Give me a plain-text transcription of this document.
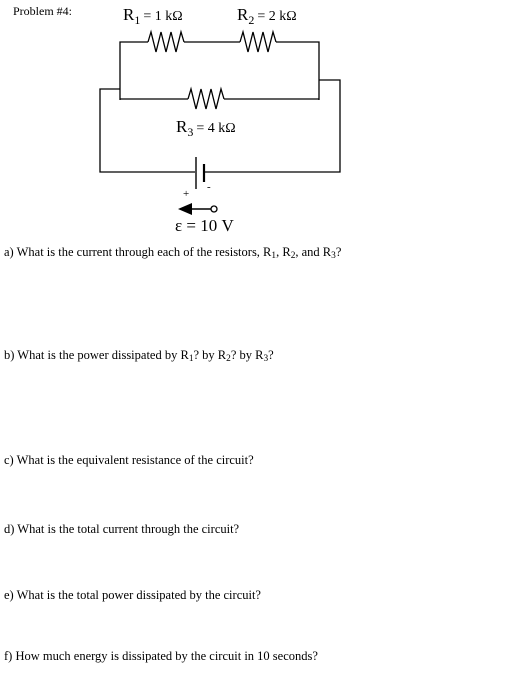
Problem #4:	$R_1$ $^{= 1 k\Omega}$	$R_2$ $^{= 2 k\Omega}$
$R_3$ $^{= 4 k\Omega}$
+
-
ε = 10 V
a) What is the current through each of the resistors, $R_1$, $R_2$, and $R_3$?
b) What is the power dissipated by $R_1$? by $R_2$? by $R_3$?
c) What is the equivalent resistance of the circuit?
d) What is the total current through the circuit?
e) What is the total power dissipated by the circuit?
f) How much energy is dissipated by the circuit in 10 seconds?
